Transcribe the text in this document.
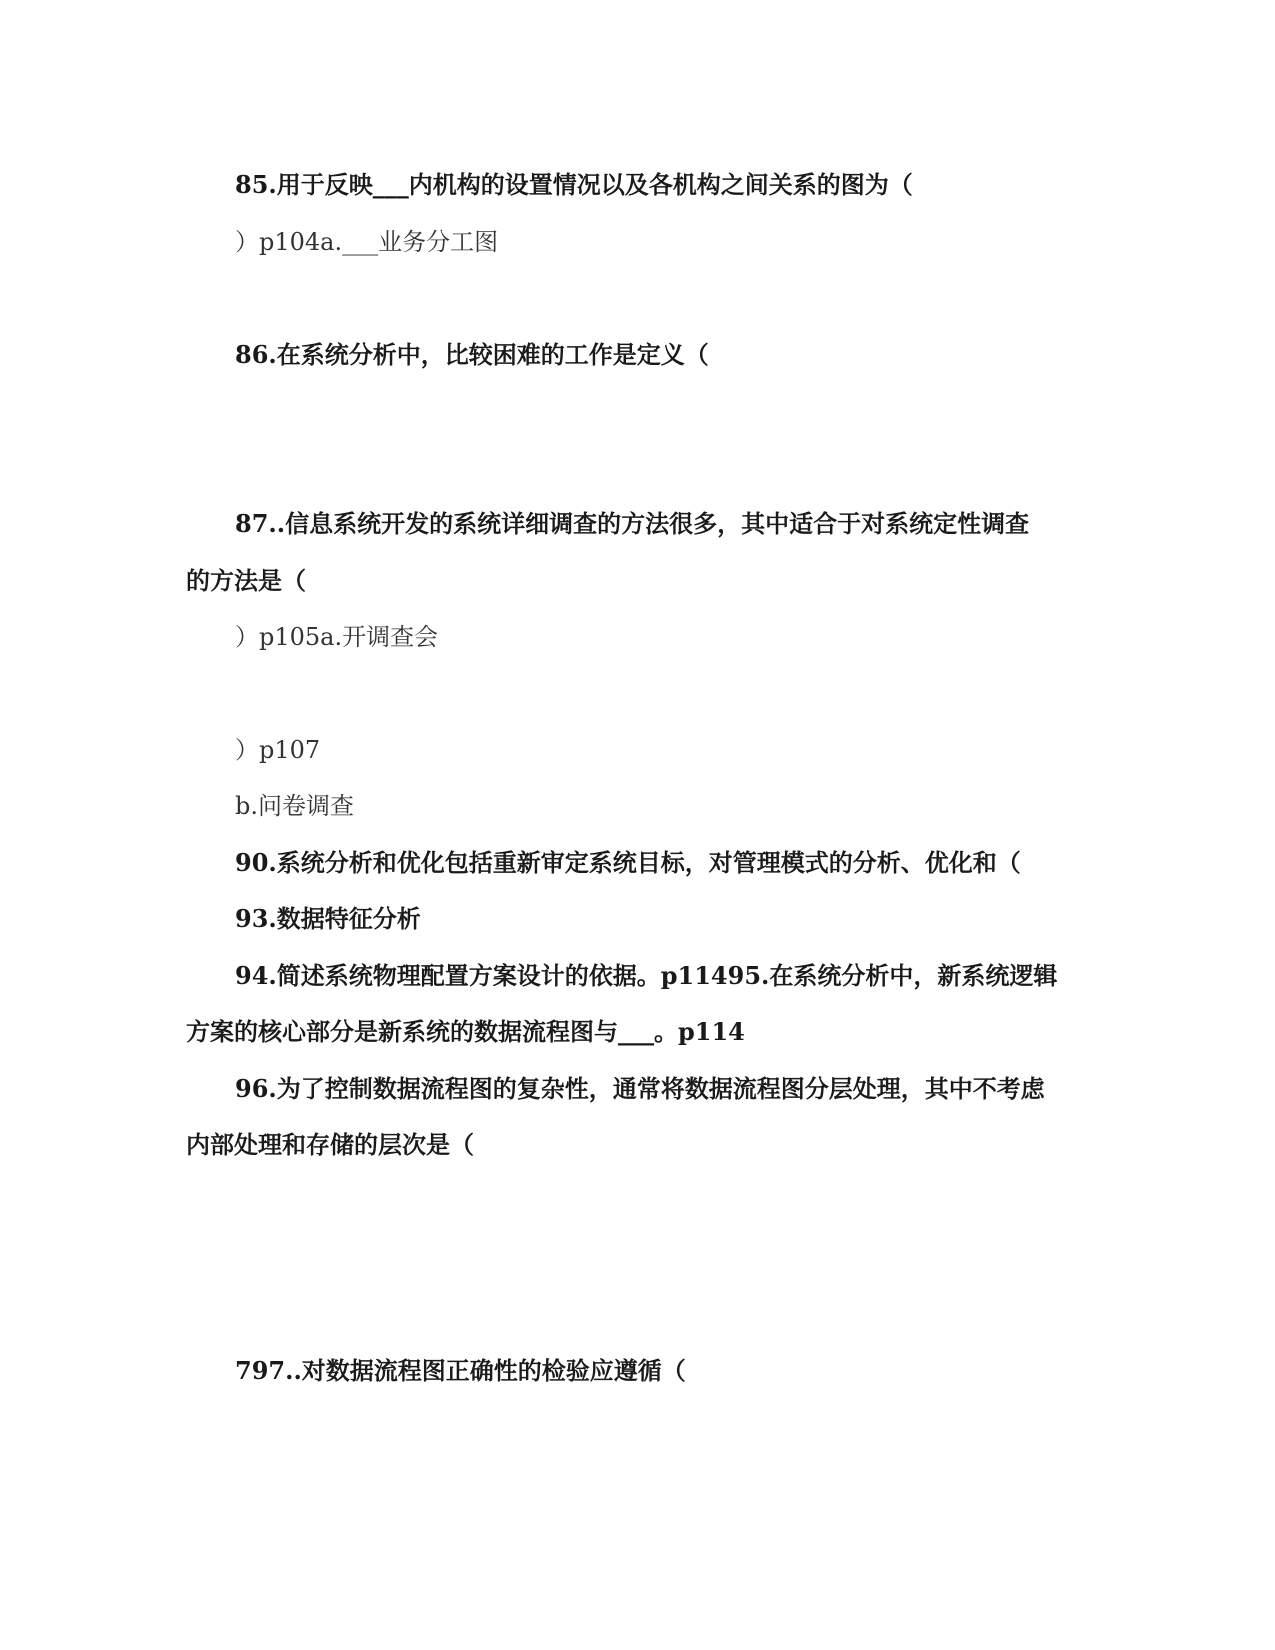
85.用于反映___内机构的设置情况以及各机构之间关系的图为（
）p104a.___业务分工图
86.在系统分析中，比较困难的工作是定义（
87..信息系统开发的系统详细调查的方法很多，其中适合于对系统定性调查
的方法是（
）p105a.开调查会
）p107
b.问卷调查
90.系统分析和优化包括重新审定系统目标，对管理模式的分析、优化和（
93.数据特征分析
94.简述系统物理配置方案设计的依据。p11495.在系统分析中，新系统逻辑
方案的核心部分是新系统的数据流程图与___。p114
96.为了控制数据流程图的复杂性，通常将数据流程图分层处理，其中不考虑
内部处理和存储的层次是（
797..对数据流程图正确性的检验应遵循（
